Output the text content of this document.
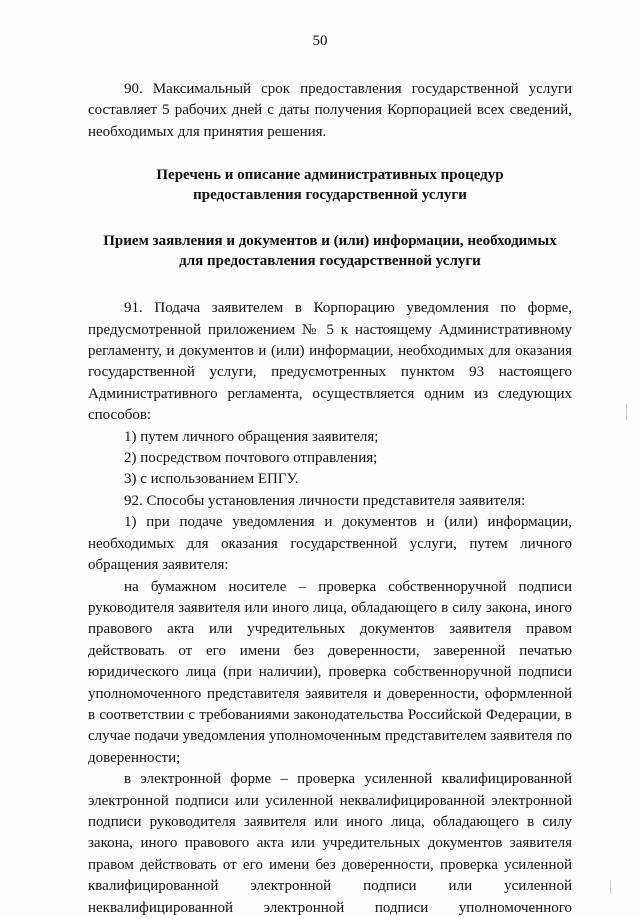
50

90. Максимальный срок предоставления государственной услуги составляет 5 рабочих дней с даты получения Корпорацией всех сведений, необходимых для принятия решения.

Перечень и описание административных процедур

предоставления государственной услуги

Прием заявления и документов и (или) информации, необходимых

для предоставления государственной услуги

91. Подача заявителем в Корпорацию уведомления по форме, предусмотренной приложением № 5 к настоящему Административному регламенту, и документов и (или) информации, необходимых для оказания государственной услуги, предусмотренных пунктом 93 настоящего Административного регламента, осуществляется одним из следующих способов:

1) путем личного обращения заявителя;

2) посредством почтового отправления;

3) с использованием ЕПГУ.

92. Способы установления личности представителя заявителя:

1) при подаче уведомления и документов и (или) информации, необходимых для оказания государственной услуги, путем личного обращения заявителя:

на бумажном носителе – проверка собственноручной подписи руководителя заявителя или иного лица, обладающего в силу закона, иного правового акта или учредительных документов заявителя правом действовать от его имени без доверенности, заверенной печатью юридического лица (при наличии), проверка собственноручной подписи уполномоченного представителя заявителя и доверенности, оформленной в соответствии с требованиями законодательства Российской Федерации, в случае подачи уведомления уполномоченным представителем заявителя по доверенности;

в электронной форме – проверка усиленной квалифицированной электронной подписи или усиленной неквалифицированной электронной подписи руководителя заявителя или иного лица, обладающего в силу закона, иного правового акта или учредительных документов заявителя правом действовать от его имени без доверенности, проверка усиленной квалифицированной электронной подписи или усиленной неквалифицированной электронной подписи уполномоченного
